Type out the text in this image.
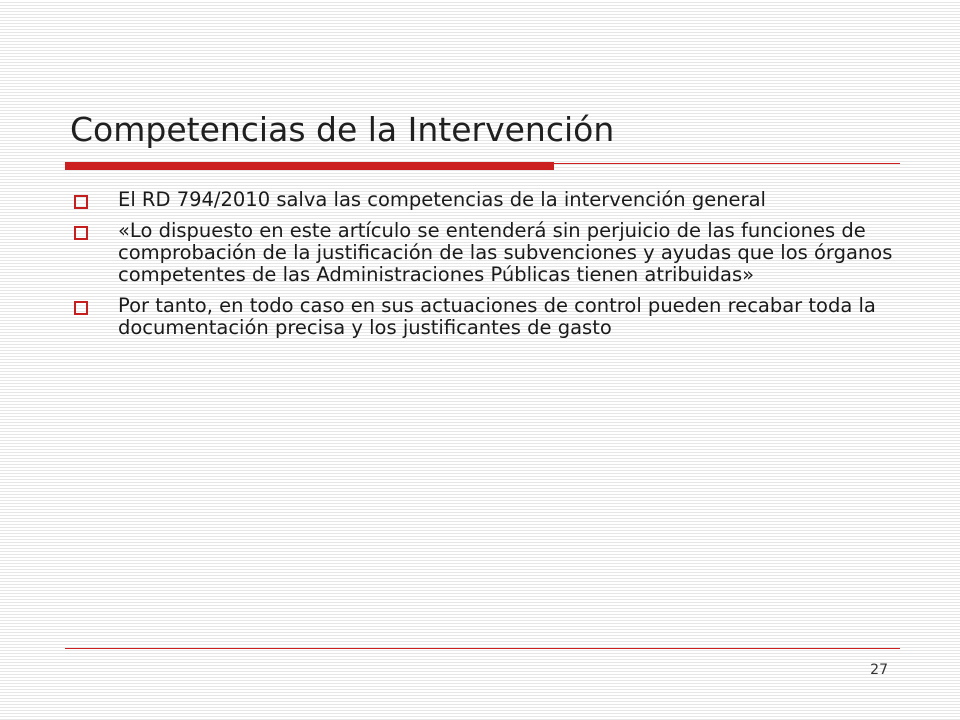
Competencias de la Intervención
El RD 794/2010 salva las competencias de la intervención general
«Lo dispuesto en este artículo se entenderá sin perjuicio de las funciones de comprobación de la justificación de las subvenciones y ayudas que los órganos competentes de las Administraciones Públicas tienen atribuidas»
Por tanto, en todo caso en sus actuaciones de control pueden recabar toda la documentación precisa y los justificantes de gasto
27
